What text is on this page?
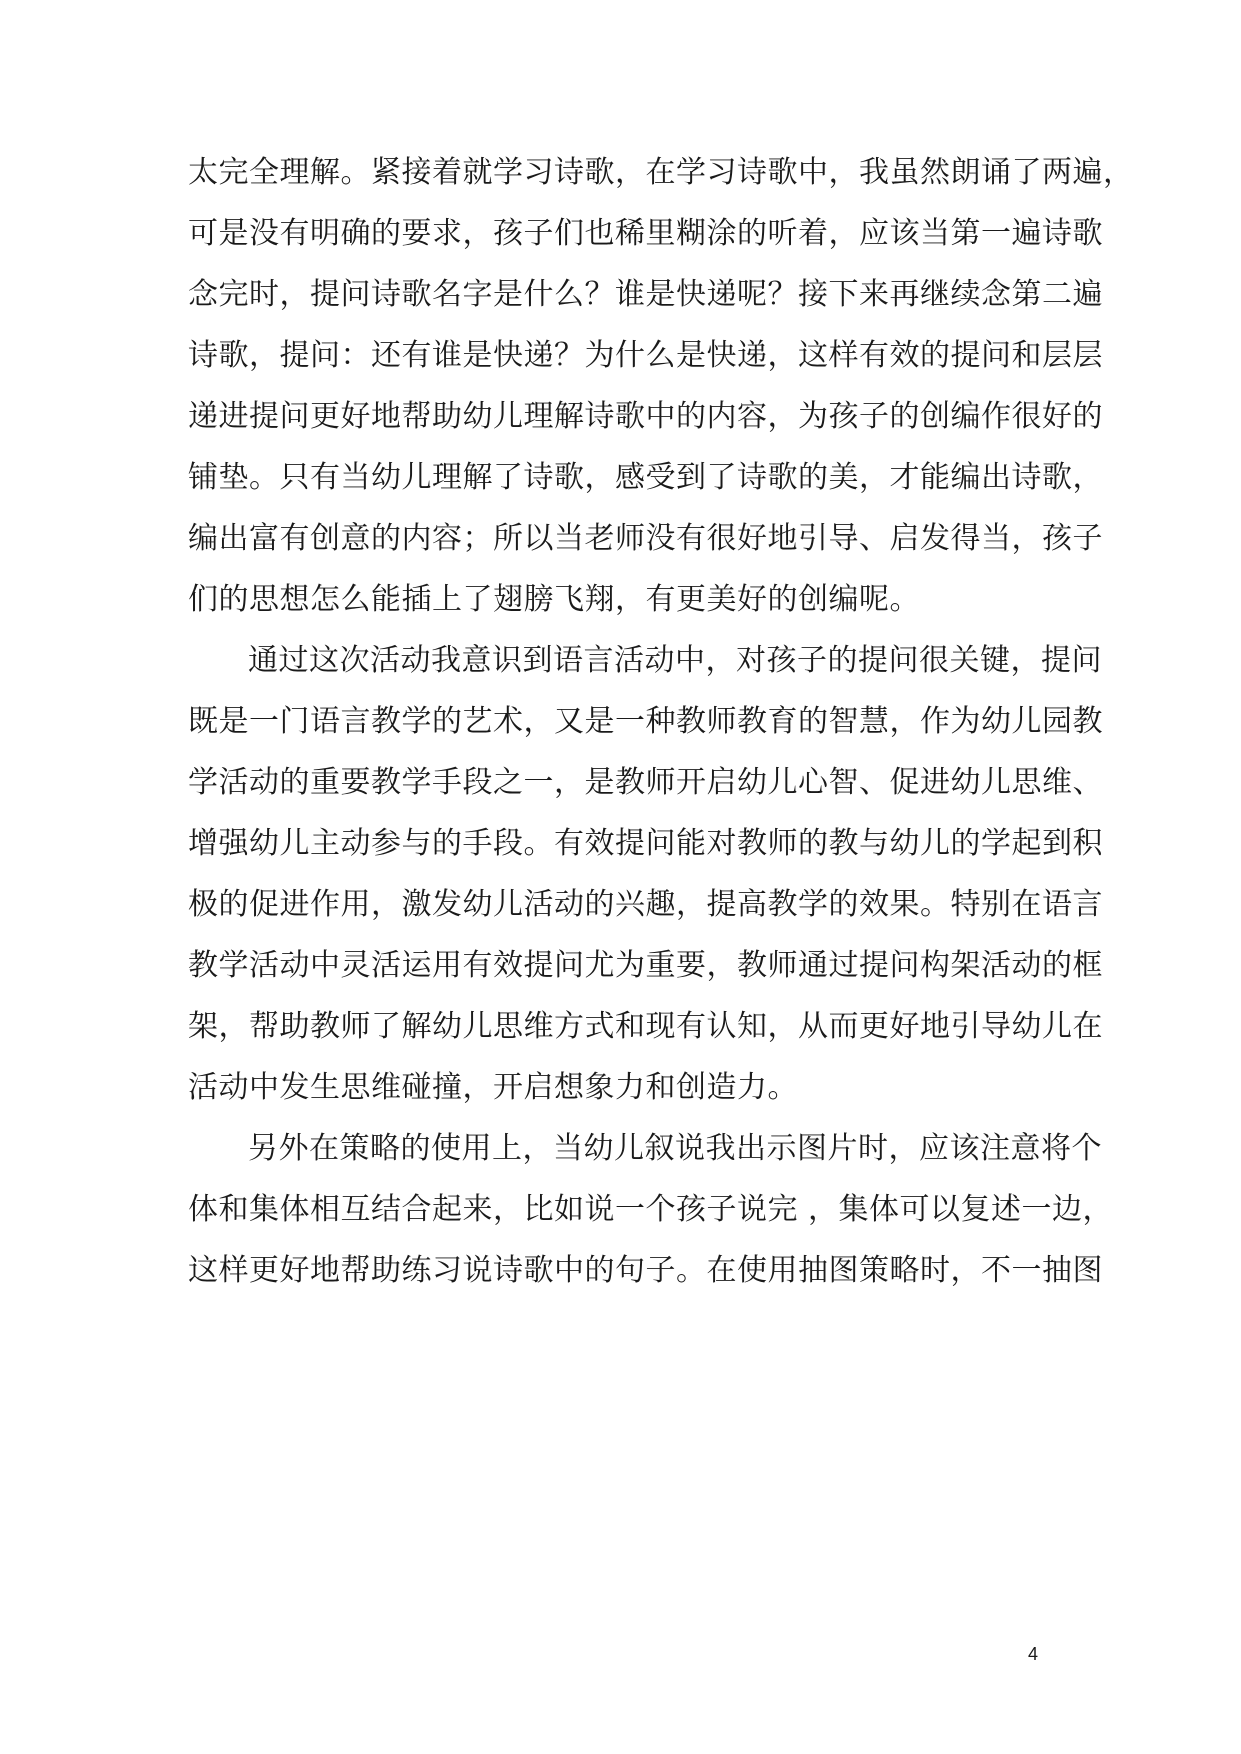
太完全理解。紧接着就学习诗歌，在学习诗歌中，我虽然朗诵了两遍，
可是没有明确的要求，孩子们也稀里糊涂的听着，应该当第一遍诗歌
念完时，提问诗歌名字是什么？谁是快递呢？接下来再继续念第二遍
诗歌，提问：还有谁是快递？为什么是快递，这样有效的提问和层层
递进提问更好地帮助幼儿理解诗歌中的内容，为孩子的创编作很好的
铺垫。只有当幼儿理解了诗歌，感受到了诗歌的美，才能编出诗歌，
编出富有创意的内容；所以当老师没有很好地引导、启发得当，孩子
们的思想怎么能插上了翅膀飞翔，有更美好的创编呢。
通过这次活动我意识到语言活动中，对孩子的提问很关键，提问
既是一门语言教学的艺术，又是一种教师教育的智慧，作为幼儿园教
学活动的重要教学手段之一，是教师开启幼儿心智、促进幼儿思维、
增强幼儿主动参与的手段。有效提问能对教师的教与幼儿的学起到积
极的促进作用，激发幼儿活动的兴趣，提高教学的效果。特别在语言
教学活动中灵活运用有效提问尤为重要，教师通过提问构架活动的框
架，帮助教师了解幼儿思维方式和现有认知，从而更好地引导幼儿在
活动中发生思维碰撞，开启想象力和创造力。
另外在策略的使用上，当幼儿叙说我出示图片时，应该注意将个
体和集体相互结合起来，比如说一个孩子说完 ，集体可以复述一边，
这样更好地帮助练习说诗歌中的句子。在使用抽图策略时，不一抽图
4
